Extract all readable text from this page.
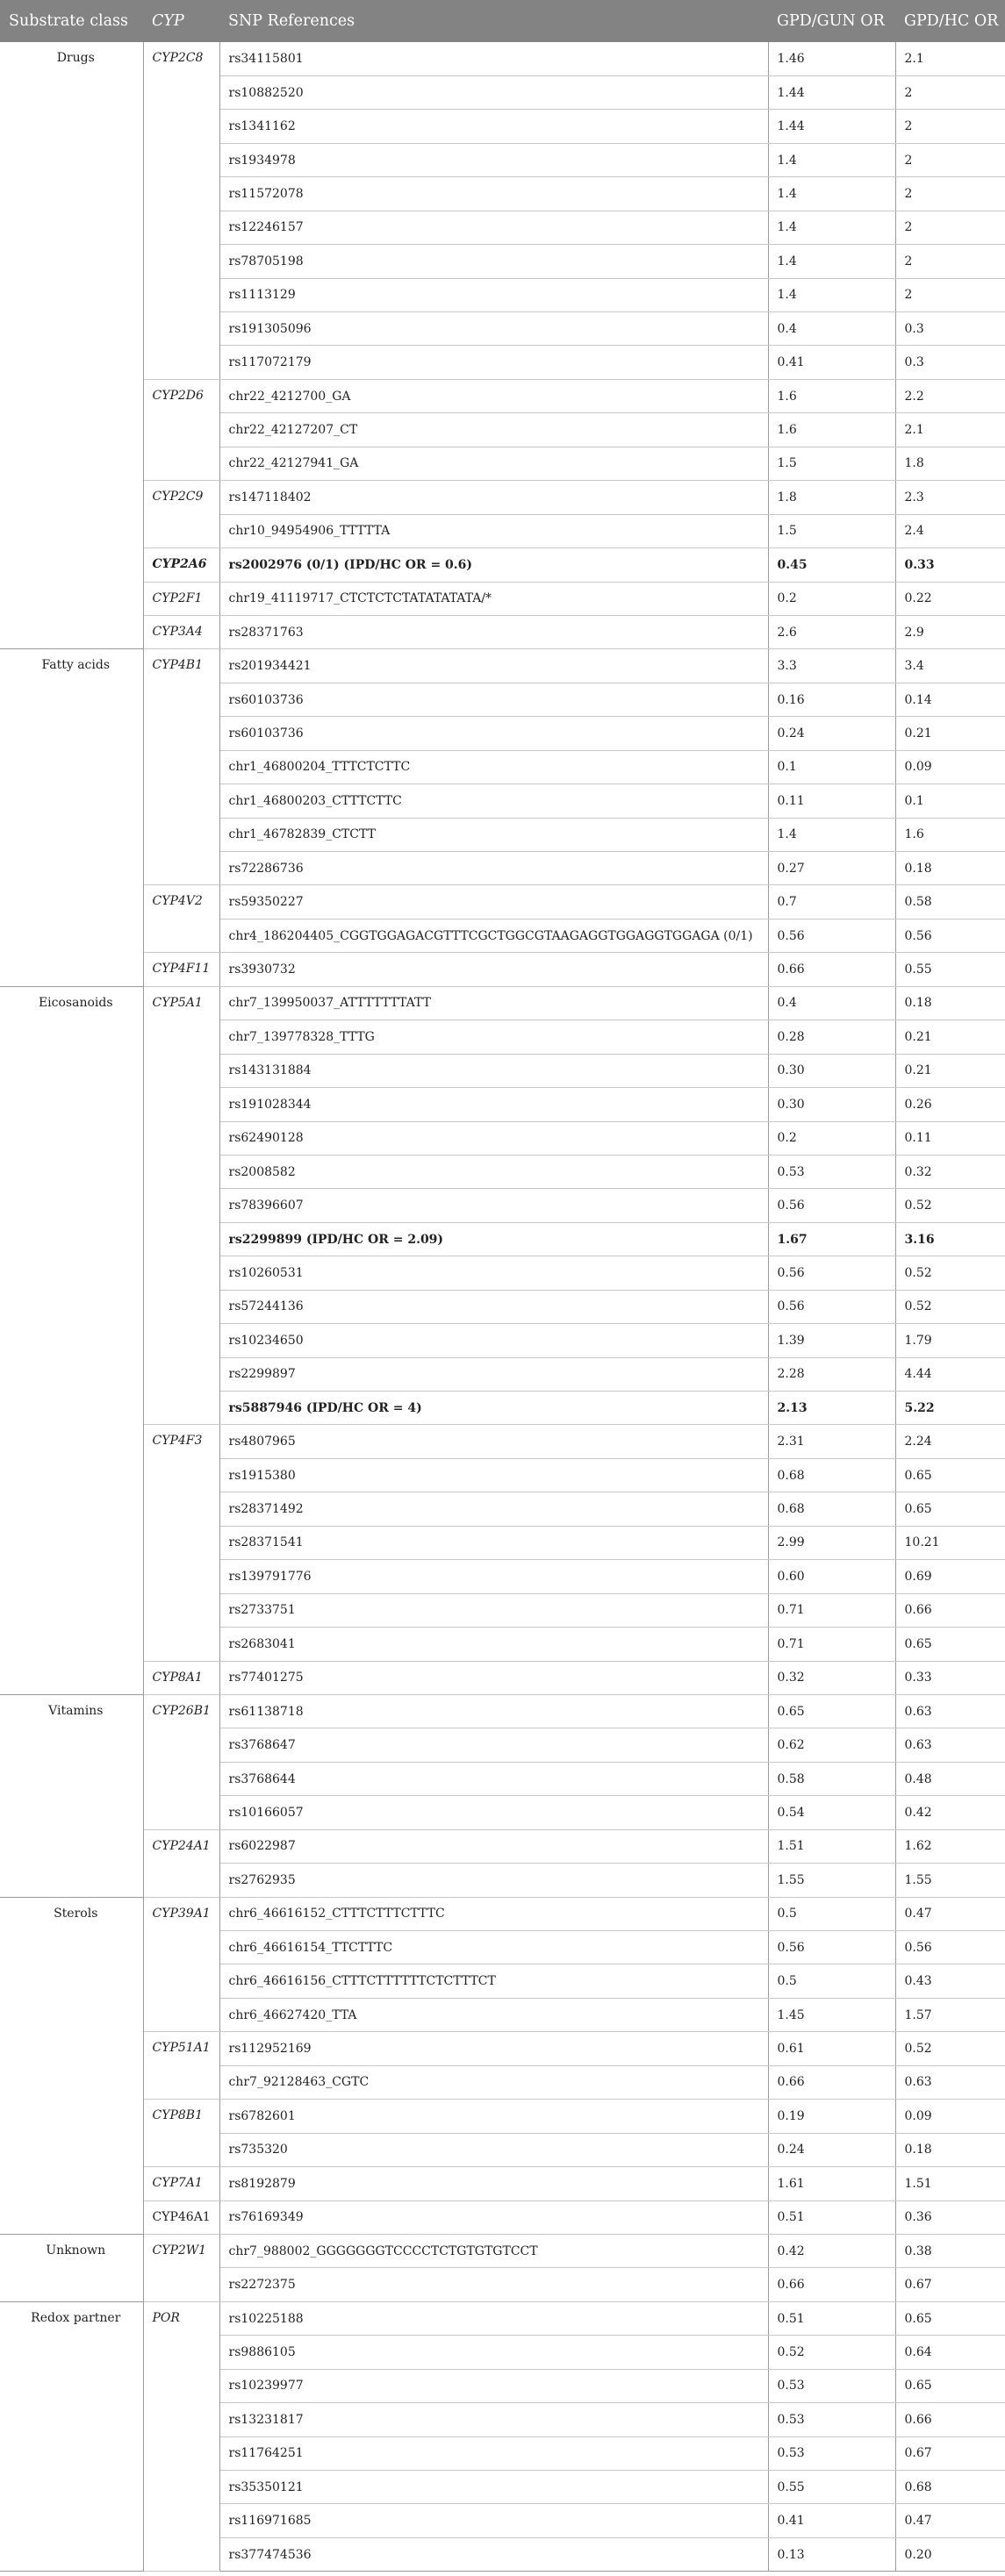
Substrate class	CYP	SNP References	GPD/GUN OR	GPD/HC OR
Drugs	CYP2C8	rs34115801	1.46	2.1
		rs10882520	1.44	2
		rs1341162	1.44	2
		rs1934978	1.4	2
		rs11572078	1.4	2
		rs12246157	1.4	2
		rs78705198	1.4	2
		rs1113129	1.4	2
		rs191305096	0.4	0.3
		rs117072179	0.41	0.3
	CYP2D6	chr22_4212700_GA	1.6	2.2
		chr22_42127207_CT	1.6	2.1
		chr22_42127941_GA	1.5	1.8
	CYP2C9	rs147118402	1.8	2.3
		chr10_94954906_TTTTTA	1.5	2.4
	CYP2A6	rs2002976 (0/1) (IPD/HC OR = 0.6)	0.45	0.33
	CYP2F1	chr19_41119717_CTCTCTCTATATATATA/*	0.2	0.22
	CYP3A4	rs28371763	2.6	2.9
Fatty acids	CYP4B1	rs201934421	3.3	3.4
		rs60103736	0.16	0.14
		rs60103736	0.24	0.21
		chr1_46800204_TTTCTCTTC	0.1	0.09
		chr1_46800203_CTTTCTTC	0.11	0.1
		chr1_46782839_CTCTT	1.4	1.6
		rs72286736	0.27	0.18
	CYP4V2	rs59350227	0.7	0.58
		chr4_186204405_CGGTGGAGACGTTTCGCTGGCGTAAGAGGTGGAGGTGGAGA (0/1)	0.56	0.56
	CYP4F11	rs3930732	0.66	0.55
Eicosanoids	CYP5A1	chr7_139950037_ATTTTTTTATT	0.4	0.18
		chr7_139778328_TTTG	0.28	0.21
		rs143131884	0.30	0.21
		rs191028344	0.30	0.26
		rs62490128	0.2	0.11
		rs2008582	0.53	0.32
		rs78396607	0.56	0.52
		rs2299899 (IPD/HC OR = 2.09)	1.67	3.16
		rs10260531	0.56	0.52
		rs57244136	0.56	0.52
		rs10234650	1.39	1.79
		rs2299897	2.28	4.44
		rs5887946 (IPD/HC OR = 4)	2.13	5.22
	CYP4F3	rs4807965	2.31	2.24
		rs1915380	0.68	0.65
		rs28371492	0.68	0.65
		rs28371541	2.99	10.21
		rs139791776	0.60	0.69
		rs2733751	0.71	0.66
		rs2683041	0.71	0.65
	CYP8A1	rs77401275	0.32	0.33
Vitamins	CYP26B1	rs61138718	0.65	0.63
		rs3768647	0.62	0.63
		rs3768644	0.58	0.48
		rs10166057	0.54	0.42
	CYP24A1	rs6022987	1.51	1.62
		rs2762935	1.55	1.55
Sterols	CYP39A1	chr6_46616152_CTTTCTTTCTTTC	0.5	0.47
		chr6_46616154_TTCTTTC	0.56	0.56
		chr6_46616156_CTTTCTTTTTTCTCTTTCT	0.5	0.43
		chr6_46627420_TTA	1.45	1.57
	CYP51A1	rs112952169	0.61	0.52
		chr7_92128463_CGTC	0.66	0.63
	CYP8B1	rs6782601	0.19	0.09
		rs735320	0.24	0.18
	CYP7A1	rs8192879	1.61	1.51
	CYP46A1	rs76169349	0.51	0.36
Unknown	CYP2W1	chr7_988002_GGGGGGGTCCCCTCTGTGTGTCCT	0.42	0.38
		rs2272375	0.66	0.67
Redox partner	POR	rs10225188	0.51	0.65
		rs9886105	0.52	0.64
		rs10239977	0.53	0.65
		rs13231817	0.53	0.66
		rs11764251	0.53	0.67
		rs35350121	0.55	0.68
		rs116971685	0.41	0.47
		rs377474536	0.13	0.20
